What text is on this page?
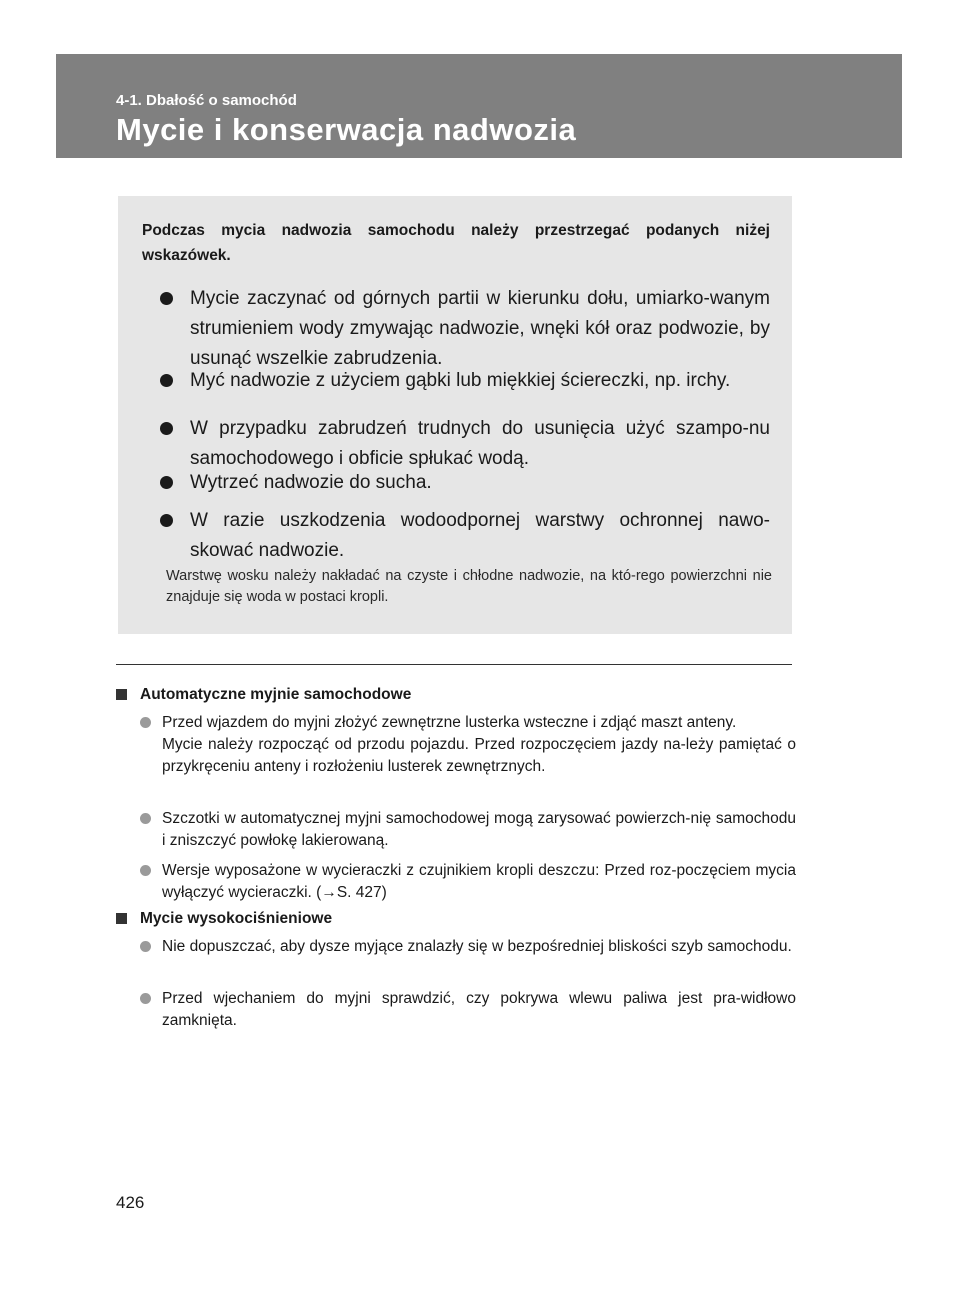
4-1. Dbałość o samochód
Mycie i konserwacja nadwozia
Podczas mycia nadwozia samochodu należy przestrzegać podanych niżej wskazówek.
Mycie zaczynać od górnych partii w kierunku dołu, umiarko-wanym strumieniem wody zmywając nadwozie, wnęki kół oraz podwozie, by usunąć wszelkie zabrudzenia.
Myć nadwozie z użyciem gąbki lub miękkiej ściereczki, np. irchy.
W przypadku zabrudzeń trudnych do usunięcia użyć szampo-nu samochodowego i obficie spłukać wodą.
Wytrzeć nadwozie do sucha.
W razie uszkodzenia wodoodpornej warstwy ochronnej nawo-skować nadwozie.
Warstwę wosku należy nakładać na czyste i chłodne nadwozie, na któ-rego powierzchni nie znajduje się woda w postaci kropli.
Automatyczne myjnie samochodowe
Przed wjazdem do myjni złożyć zewnętrzne lusterka wsteczne i zdjąć maszt anteny.
Mycie należy rozpocząć od przodu pojazdu. Przed rozpoczęciem jazdy na-leży pamiętać o przykręceniu anteny i rozłożeniu lusterek zewnętrznych.
Szczotki w automatycznej myjni samochodowej mogą zarysować powierzch-nię samochodu i zniszczyć powłokę lakierowaną.
Wersje wyposażone w wycieraczki z czujnikiem kropli deszczu: Przed roz-poczęciem mycia wyłączyć wycieraczki. (→S. 427)
Mycie wysokociśnieniowe
Nie dopuszczać, aby dysze myjące znalazły się w bezpośredniej bliskości szyb samochodu.
Przed wjechaniem do myjni sprawdzić, czy pokrywa wlewu paliwa jest pra-widłowo zamknięta.
426
